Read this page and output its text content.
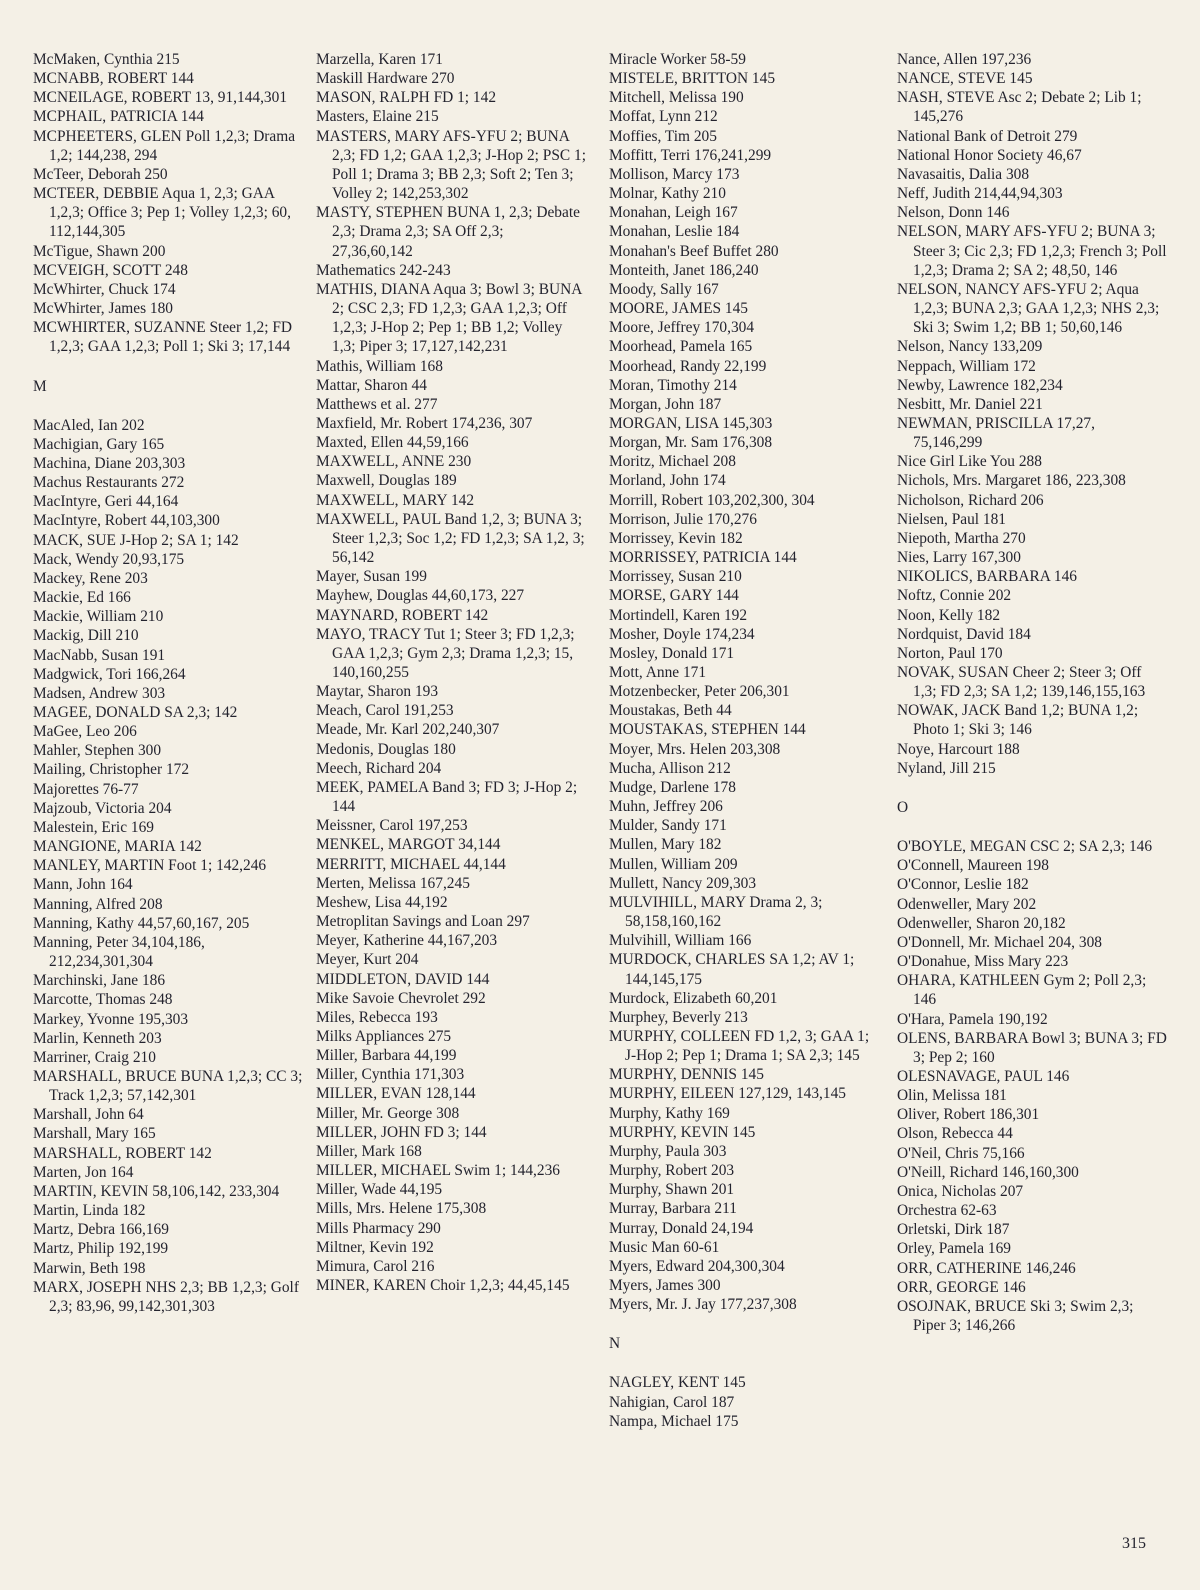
McMaken, Cynthia 215
MCNABB, ROBERT 144
MCNEILAGE, ROBERT 13, 91,144,301
MCPHAIL, PATRICIA 144
MCPHEETERS, GLEN Poll 1,2,3; Drama 1,2; 144,238, 294
McTeer, Deborah 250
MCTEER, DEBBIE Aqua 1, 2,3; GAA 1,2,3; Office 3; Pep 1; Volley 1,2,3; 60, 112,144,305
McTigue, Shawn 200
MCVEIGH, SCOTT 248
McWhirter, Chuck 174
McWhirter, James 180
MCWHIRTER, SUZANNE Steer 1,2; FD 1,2,3; GAA 1,2,3; Poll 1; Ski 3; 17,144
M
MacAled, Ian 202
Machigian, Gary 165
Machina, Diane 203,303
Machus Restaurants 272
MacIntyre, Geri 44,164
MacIntyre, Robert 44,103,300
MACK, SUE J-Hop 2; SA 1; 142
Mack, Wendy 20,93,175
Mackey, Rene 203
Mackie, Ed 166
Mackie, William 210
Mackig, Dill 210
MacNabb, Susan 191
Madgwick, Tori 166,264
Madsen, Andrew 303
MAGEE, DONALD SA 2,3; 142
MaGee, Leo 206
Mahler, Stephen 300
Mailing, Christopher 172
Majorettes 76-77
Majzoub, Victoria 204
Malestein, Eric 169
MANGIONE, MARIA 142
MANLEY, MARTIN Foot 1; 142,246
Mann, John 164
Manning, Alfred 208
Manning, Kathy 44,57,60,167, 205
Manning, Peter 34,104,186, 212,234,301,304
Marchinski, Jane 186
Marcotte, Thomas 248
Markey, Yvonne 195,303
Marlin, Kenneth 203
Marriner, Craig 210
MARSHALL, BRUCE BUNA 1,2,3; CC 3; Track 1,2,3; 57,142,301
Marshall, John 64
Marshall, Mary 165
MARSHALL, ROBERT 142
Marten, Jon 164
MARTIN, KEVIN 58,106,142, 233,304
Martin, Linda 182
Martz, Debra 166,169
Martz, Philip 192,199
Marwin, Beth 198
MARX, JOSEPH NHS 2,3; BB 1,2,3; Golf 2,3; 83,96, 99,142,301,303
Marzella, Karen 171
Maskill Hardware 270
MASON, RALPH FD 1; 142
Masters, Elaine 215
MASTERS, MARY AFS-YFU 2; BUNA 2,3; FD 1,2; GAA 1,2,3; J-Hop 2; PSC 1; Poll 1; Drama 3; BB 2,3; Soft 2; Ten 3; Volley 2; 142,253,302
MASTY, STEPHEN BUNA 1, 2,3; Debate 2,3; Drama 2,3; SA Off 2,3; 27,36,60,142
Mathematics 242-243
MATHIS, DIANA Aqua 3; Bowl 3; BUNA 2; CSC 2,3; FD 1,2,3; GAA 1,2,3; Off 1,2,3; J-Hop 2; Pep 1; BB 1,2; Volley 1,3; Piper 3; 17,127,142,231
Mathis, William 168
Mattar, Sharon 44
Matthews et al. 277
Maxfield, Mr. Robert 174,236, 307
Maxted, Ellen 44,59,166
MAXWELL, ANNE 230
Maxwell, Douglas 189
MAXWELL, MARY 142
MAXWELL, PAUL Band 1,2, 3; BUNA 3; Steer 1,2,3; Soc 1,2; FD 1,2,3; SA 1,2, 3; 56,142
Mayer, Susan 199
Mayhew, Douglas 44,60,173, 227
MAYNARD, ROBERT 142
MAYO, TRACY Tut 1; Steer 3; FD 1,2,3; GAA 1,2,3; Gym 2,3; Drama 1,2,3; 15, 140,160,255
Maytar, Sharon 193
Meach, Carol 191,253
Meade, Mr. Karl 202,240,307
Medonis, Douglas 180
Meech, Richard 204
MEEK, PAMELA Band 3; FD 3; J-Hop 2; 144
Meissner, Carol 197,253
MENKEL, MARGOT 34,144
MERRITT, MICHAEL 44,144
Merten, Melissa 167,245
Meshew, Lisa 44,192
Metroplitan Savings and Loan 297
Meyer, Katherine 44,167,203
Meyer, Kurt 204
MIDDLETON, DAVID 144
Mike Savoie Chevrolet 292
Miles, Rebecca 193
Milks Appliances 275
Miller, Barbara 44,199
Miller, Cynthia 171,303
MILLER, EVAN 128,144
Miller, Mr. George 308
MILLER, JOHN FD 3; 144
Miller, Mark 168
MILLER, MICHAEL Swim 1; 144,236
Miller, Wade 44,195
Mills, Mrs. Helene 175,308
Mills Pharmacy 290
Miltner, Kevin 192
Mimura, Carol 216
MINER, KAREN Choir 1,2,3; 44,45,145
Miracle Worker 58-59
MISTELE, BRITTON 145
Mitchell, Melissa 190
Moffat, Lynn 212
Moffies, Tim 205
Moffitt, Terri 176,241,299
Mollison, Marcy 173
Molnar, Kathy 210
Monahan, Leigh 167
Monahan, Leslie 184
Monahan's Beef Buffet 280
Monteith, Janet 186,240
Moody, Sally 167
MOORE, JAMES 145
Moore, Jeffrey 170,304
Moorhead, Pamela 165
Moorhead, Randy 22,199
Moran, Timothy 214
Morgan, John 187
MORGAN, LISA 145,303
Morgan, Mr. Sam 176,308
Moritz, Michael 208
Morland, John 174
Morrill, Robert 103,202,300, 304
Morrison, Julie 170,276
Morrissey, Kevin 182
MORRISSEY, PATRICIA 144
Morrissey, Susan 210
MORSE, GARY 144
Mortindell, Karen 192
Mosher, Doyle 174,234
Mosley, Donald 171
Mott, Anne 171
Motzenbecker, Peter 206,301
Moustakas, Beth 44
MOUSTAKAS, STEPHEN 144
Moyer, Mrs. Helen 203,308
Mucha, Allison 212
Mudge, Darlene 178
Muhn, Jeffrey 206
Mulder, Sandy 171
Mullen, Mary 182
Mullen, William 209
Mullett, Nancy 209,303
MULVIHILL, MARY Drama 2, 3; 58,158,160,162
Mulvihill, William 166
MURDOCK, CHARLES SA 1,2; AV 1; 144,145,175
Murdock, Elizabeth 60,201
Murphey, Beverly 213
MURPHY, COLLEEN FD 1,2, 3; GAA 1; J-Hop 2; Pep 1; Drama 1; SA 2,3; 145
MURPHY, DENNIS 145
MURPHY, EILEEN 127,129, 143,145
Murphy, Kathy 169
MURPHY, KEVIN 145
Murphy, Paula 303
Murphy, Robert 203
Murphy, Shawn 201
Murray, Barbara 211
Murray, Donald 24,194
Music Man 60-61
Myers, Edward 204,300,304
Myers, James 300
Myers, Mr. J. Jay 177,237,308
N
NAGLEY, KENT 145
Nahigian, Carol 187
Nampa, Michael 175
Nance, Allen 197,236
NANCE, STEVE 145
NASH, STEVE Asc 2; Debate 2; Lib 1; 145,276
National Bank of Detroit 279
National Honor Society 46,67
Navasaitis, Dalia 308
Neff, Judith 214,44,94,303
Nelson, Donn 146
NELSON, MARY AFS-YFU 2; BUNA 3; Steer 3; Cic 2,3; FD 1,2,3; French 3; Poll 1,2,3; Drama 2; SA 2; 48,50, 146
NELSON, NANCY AFS-YFU 2; Aqua 1,2,3; BUNA 2,3; GAA 1,2,3; NHS 2,3; Ski 3; Swim 1,2; BB 1; 50,60,146
Nelson, Nancy 133,209
Neppach, William 172
Newby, Lawrence 182,234
Nesbitt, Mr. Daniel 221
NEWMAN, PRISCILLA 17,27, 75,146,299
Nice Girl Like You 288
Nichols, Mrs. Margaret 186, 223,308
Nicholson, Richard 206
Nielsen, Paul 181
Niepoth, Martha 270
Nies, Larry 167,300
NIKOLICS, BARBARA 146
Noftz, Connie 202
Noon, Kelly 182
Nordquist, David 184
Norton, Paul 170
NOVAK, SUSAN Cheer 2; Steer 3; Off 1,3; FD 2,3; SA 1,2; 139,146,155,163
NOWAK, JACK Band 1,2; BUNA 1,2; Photo 1; Ski 3; 146
Noye, Harcourt 188
Nyland, Jill 215
O
O'BOYLE, MEGAN CSC 2; SA 2,3; 146
O'Connell, Maureen 198
O'Connor, Leslie 182
Odenweller, Mary 202
Odenweller, Sharon 20,182
O'Donnell, Mr. Michael 204, 308
O'Donahue, Miss Mary 223
OHARA, KATHLEEN Gym 2; Poll 2,3; 146
O'Hara, Pamela 190,192
OLENS, BARBARA Bowl 3; BUNA 3; FD 3; Pep 2; 160
OLESNAVAGE, PAUL 146
Olin, Melissa 181
Oliver, Robert 186,301
Olson, Rebecca 44
O'Neil, Chris 75,166
O'Neill, Richard 146,160,300
Onica, Nicholas 207
Orchestra 62-63
Orletski, Dirk 187
Orley, Pamela 169
ORR, CATHERINE 146,246
ORR, GEORGE 146
OSOJNAK, BRUCE Ski 3; Swim 2,3; Piper 3; 146,266
315
